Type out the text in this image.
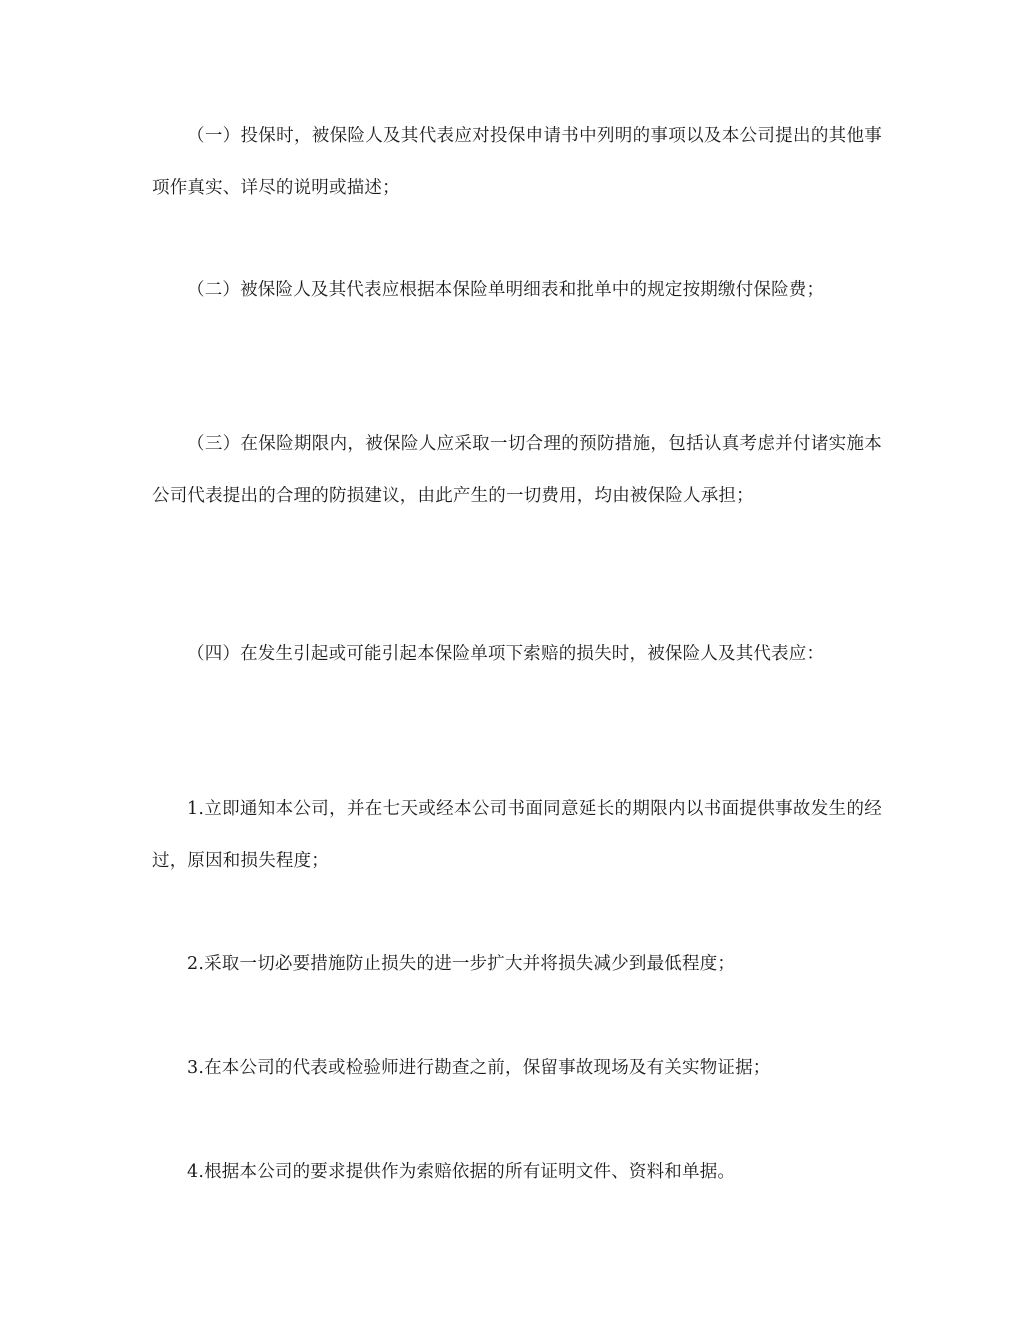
（一）投保时，被保险人及其代表应对投保申请书中列明的事项以及本公司提出的其他事项作真实、详尽的说明或描述；

（二）被保险人及其代表应根据本保险单明细表和批单中的规定按期缴付保险费；

（三）在保险期限内，被保险人应采取一切合理的预防措施，包括认真考虑并付诸实施本公司代表提出的合理的防损建议，由此产生的一切费用，均由被保险人承担；

（四）在发生引起或可能引起本保险单项下索赔的损失时，被保险人及其代表应：

1.立即通知本公司，并在七天或经本公司书面同意延长的期限内以书面提供事故发生的经过，原因和损失程度；

2.采取一切必要措施防止损失的进一步扩大并将损失减少到最低程度；

3.在本公司的代表或检验师进行勘查之前，保留事故现场及有关实物证据；

4.根据本公司的要求提供作为索赔依据的所有证明文件、资料和单据。
